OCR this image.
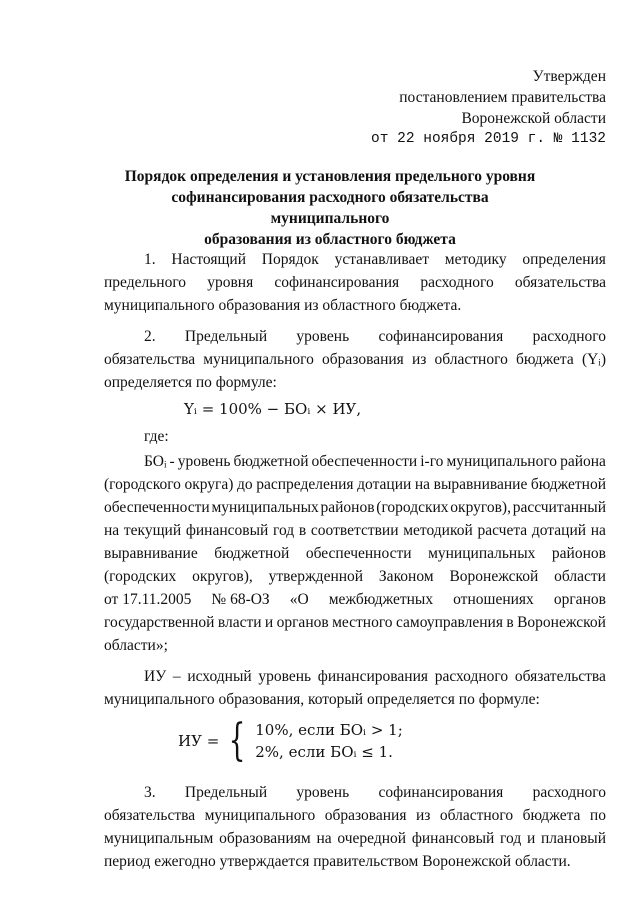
Утвержден
постановлением правительства
Воронежской области
от 22 ноября 2019 г. № 1132
Порядок определения и установления предельного уровня
софинансирования расходного обязательства муниципального
образования из областного бюджета
1. Настоящий Порядок устанавливает методику определения
предельного уровня софинансирования расходного обязательства
муниципального образования из областного бюджета.
2. Предельный уровень софинансирования расходного
обязательства муниципального образования из областного бюджета (Yᵢ)
определяется по формуле:
Yᵢ = 100% − БОᵢ × ИУ,
где:
БОᵢ - уровень бюджетной обеспеченности i-го муниципального района
(городского округа) до распределения дотации на выравнивание бюджетной
обеспеченности муниципальных районов (городских округов), рассчитанный
на текущий финансовый год в соответствии методикой расчета дотаций на
выравнивание бюджетной обеспеченности муниципальных районов
(городских округов), утвержденной Законом Воронежской области
от 17.11.2005 № 68-ОЗ «О межбюджетных отношениях органов
государственной власти и органов местного самоуправления в Воронежской
области»;
ИУ – исходный уровень финансирования расходного обязательства
муниципального образования, который определяется по формуле:
ИУ = { 10%, если БОᵢ > 1;
2%, если БОᵢ ≤ 1.
3. Предельный уровень софинансирования расходного
обязательства муниципального образования из областного бюджета по
муниципальным образованиям на очередной финансовый год и плановый
период ежегодно утверждается правительством Воронежской области.
